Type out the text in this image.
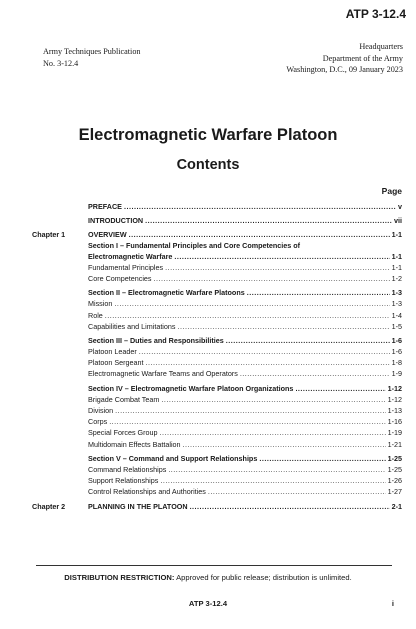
ATP 3-12.4
Army Techniques Publication
No. 3-12.4
Headquarters
Department of the Army
Washington, D.C., 09 January 2023
Electromagnetic Warfare Platoon
Contents
Page
PREFACE .....	v
INTRODUCTION .....	vii
Chapter 1	OVERVIEW .....	1-1
Section I – Fundamental Principles and Core Competencies of
Electromagnetic Warfare .....	1-1
Fundamental Principles .....	1-1
Core Competencies .....	1-2
Section II – Electromagnetic Warfare Platoons .....	1-3
Mission .....	1-3
Role .....	1-4
Capabilities and Limitations .....	1-5
Section III – Duties and Responsibilities .....	1-6
Platoon Leader .....	1-6
Platoon Sergeant .....	1-8
Electromagnetic Warfare Teams and Operators .....	1-9
Section IV – Electromagnetic Warfare Platoon Organizations .....	1-12
Brigade Combat Team .....	1-12
Division .....	1-13
Corps .....	1-16
Special Forces Group .....	1-19
Multidomain Effects Battalion .....	1-21
Section V – Command and Support Relationships .....	1-25
Command Relationships .....	1-25
Support Relationships .....	1-26
Control Relationships and Authorities .....	1-27
Chapter 2	PLANNING IN THE PLATOON .....	2-1
DISTRIBUTION RESTRICTION: Approved for public release; distribution is unlimited.
ATP 3-12.4	i
